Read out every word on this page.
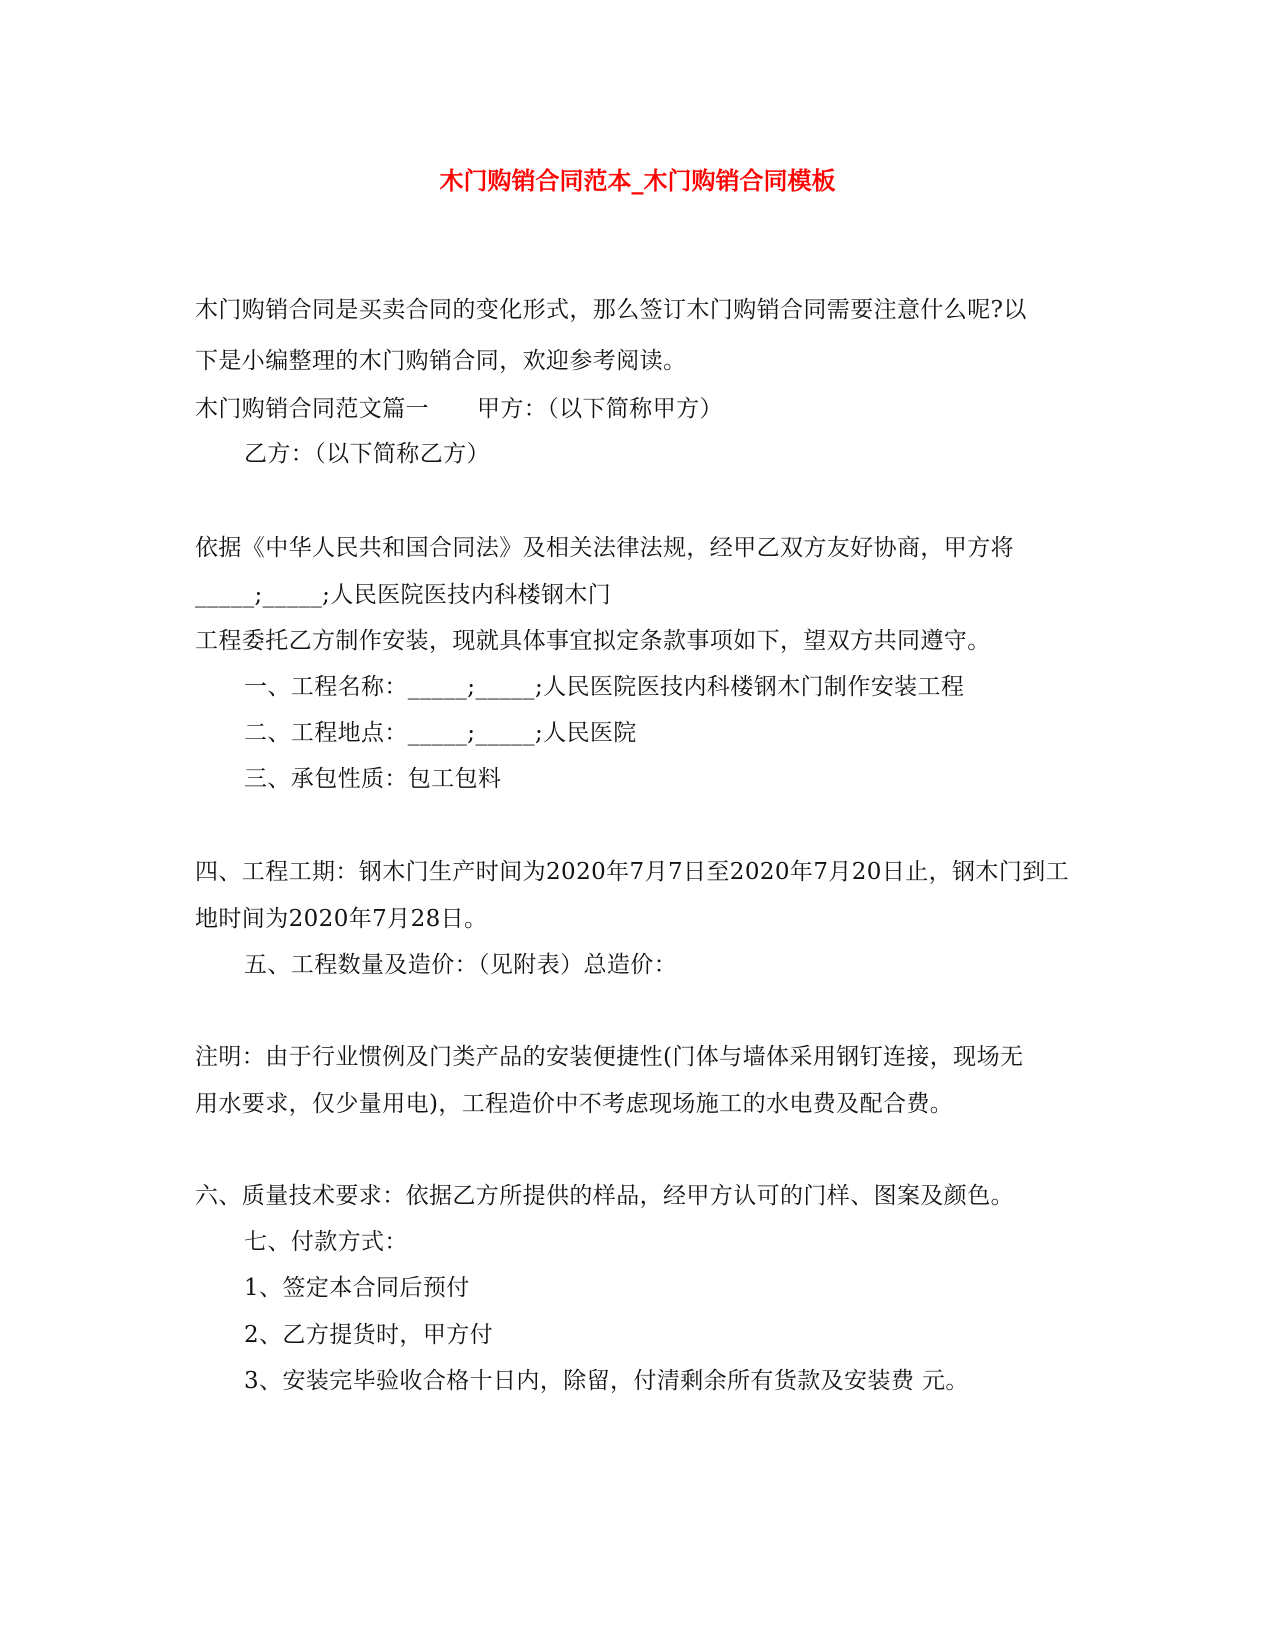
木门购销合同范本_木门购销合同模板
木门购销合同是买卖合同的变化形式，那么签订木门购销合同需要注意什么呢?以
下是小编整理的木门购销合同，欢迎参考阅读。
木门购销合同范文篇一 甲方：（以下简称甲方）
乙方：（以下简称乙方）
依据《中华人民共和国合同法》及相关法律法规，经甲乙双方友好协商，甲方将
_____;_____;人民医院医技内科楼钢木门
工程委托乙方制作安装，现就具体事宜拟定条款事项如下，望双方共同遵守。
一、工程名称：_____;_____;人民医院医技内科楼钢木门制作安装工程
二、工程地点：_____;_____;人民医院
三、承包性质：包工包料
四、工程工期：钢木门生产时间为2020年7月7日至2020年7月20日止，钢木门到工
地时间为2020年7月28日。
五、工程数量及造价：（见附表）总造价：
注明：由于行业惯例及门类产品的安装便捷性(门体与墙体采用钢钉连接，现场无
用水要求，仅少量用电)，工程造价中不考虑现场施工的水电费及配合费。
六、质量技术要求：依据乙方所提供的样品，经甲方认可的门样、图案及颜色。
七、付款方式：
1、签定本合同后预付
2、乙方提货时，甲方付
3、安装完毕验收合格十日内，除留，付清剩余所有货款及安装费 元。
